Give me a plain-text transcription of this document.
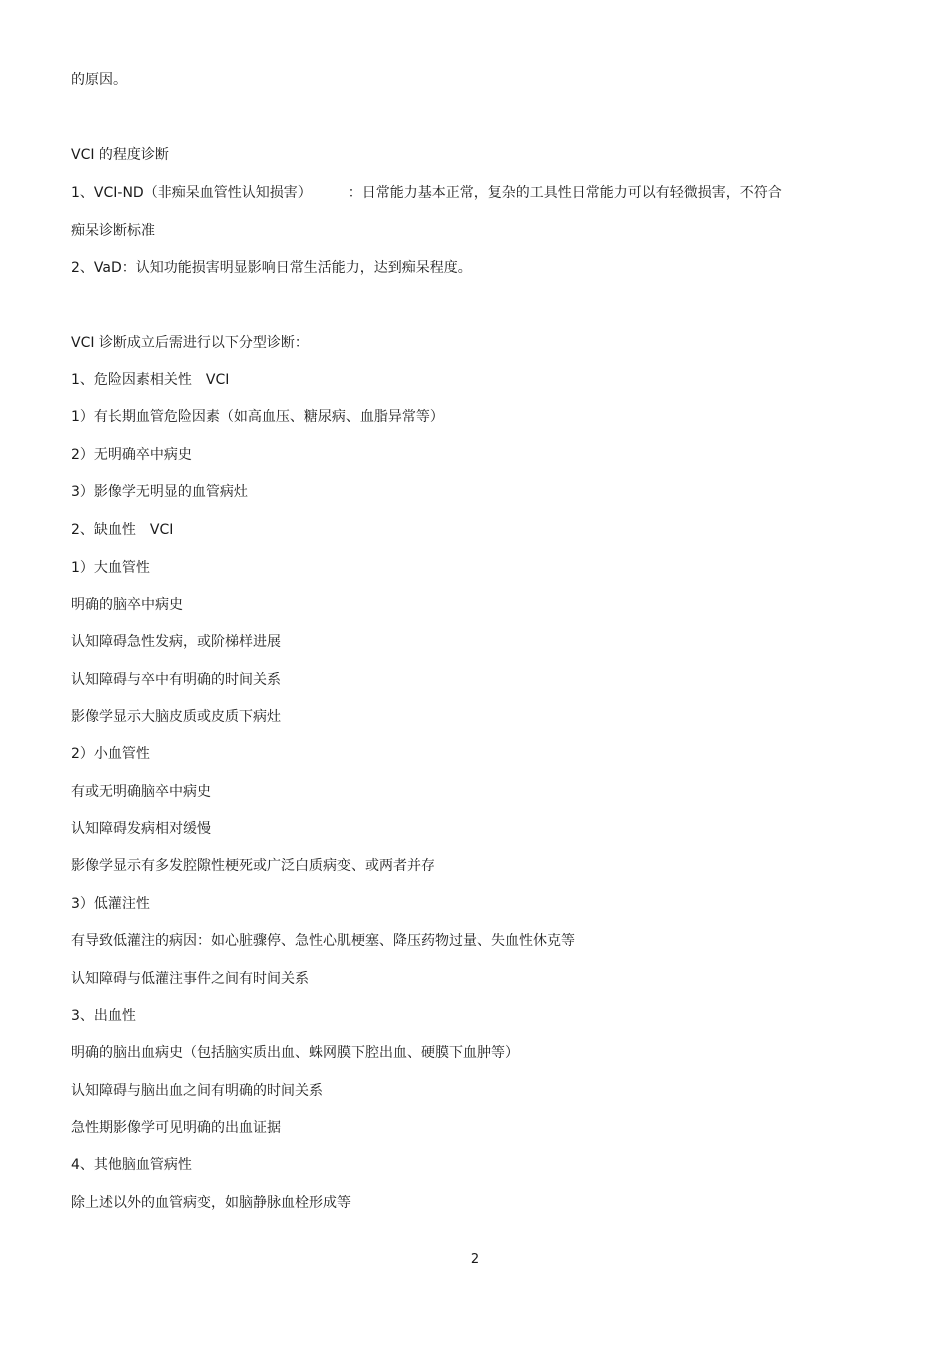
的原因。
VCI 的程度诊断
1、VCI-ND（非痴呆血管性认知损害）	：日常能力基本正常，复杂的工具性日常能力可以有轻微损害，不符合
痴呆诊断标准
2、VaD：认知功能损害明显影响日常生活能力，达到痴呆程度。
VCI 诊断成立后需进行以下分型诊断：
1、危险因素相关性 VCI
1）有长期血管危险因素（如高血压、糖尿病、血脂异常等）
2）无明确卒中病史
3）影像学无明显的血管病灶
2、缺血性 VCI
1）大血管性
明确的脑卒中病史
认知障碍急性发病，或阶梯样进展
认知障碍与卒中有明确的时间关系
影像学显示大脑皮质或皮质下病灶
2）小血管性
有或无明确脑卒中病史
认知障碍发病相对缓慢
影像学显示有多发腔隙性梗死或广泛白质病变、或两者并存
3）低灌注性
有导致低灌注的病因：如心脏骤停、急性心肌梗塞、降压药物过量、失血性休克等
认知障碍与低灌注事件之间有时间关系
3、出血性
明确的脑出血病史（包括脑实质出血、蛛网膜下腔出血、硬膜下血肿等）
认知障碍与脑出血之间有明确的时间关系
急性期影像学可见明确的出血证据
4、其他脑血管病性
除上述以外的血管病变，如脑静脉血栓形成等
2
